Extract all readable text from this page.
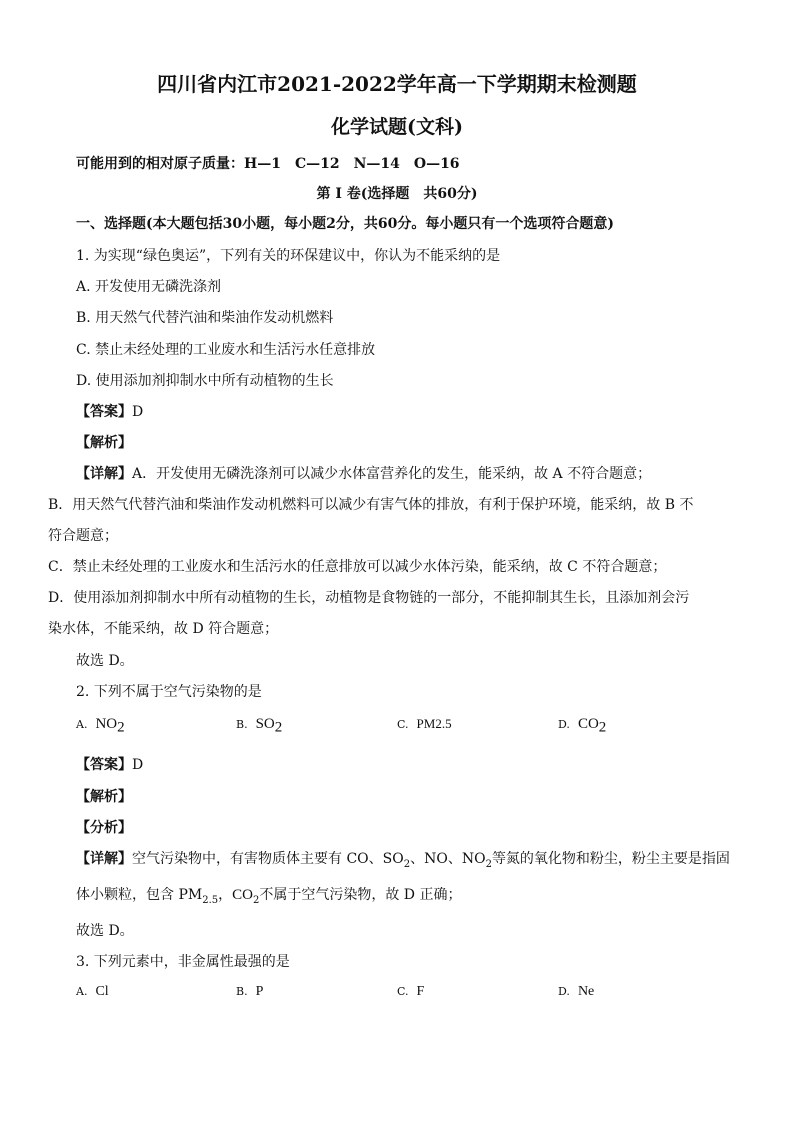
四川省内江市2021-2022学年高一下学期期末检测题
化学试题(文科)
可能用到的相对原子质量：H—1　C—12　N—14　O—16
第 I 卷(选择题　共60分)
一、选择题(本大题包括30小题，每小题2分，共60分。每小题只有一个选项符合题意)
1. 为实现“绿色奥运”，下列有关的环保建议中，你认为不能采纳的是
A. 开发使用无磷洗涤剂
B. 用天然气代替汽油和柴油作发动机燃料
C. 禁止未经处理的工业废水和生活污水任意排放
D. 使用添加剂抑制水中所有动植物的生长
【答案】D
【解析】
【详解】A．开发使用无磷洗涤剂可以减少水体富营养化的发生，能采纳，故 A 不符合题意；
B．用天然气代替汽油和柴油作发动机燃料可以减少有害气体的排放，有利于保护环境，能采纳，故 B 不
符合题意；
C．禁止未经处理的工业废水和生活污水的任意排放可以减少水体污染，能采纳，故 C 不符合题意；
D．使用添加剂抑制水中所有动植物的生长，动植物是食物链的一部分，不能抑制其生长，且添加剂会污
染水体，不能采纳，故 D 符合题意；
故选 D。
2. 下列不属于空气污染物的是
A. $NO_2$	B. $SO_2$	C. PM2.5	D. $CO_2$
【答案】D
【解析】
【分析】
【详解】空气污染物中，有害物质体主要有 CO、$SO_2$、NO、$NO_2$等氮的氧化物和粉尘，粉尘主要是指固
体小颗粒，包含 $PM_{2.5}$，$CO_2$不属于空气污染物，故 D 正确；
故选 D。
3. 下列元素中，非金属性最强的是
A. Cl	B. P	C. F	D. Ne
